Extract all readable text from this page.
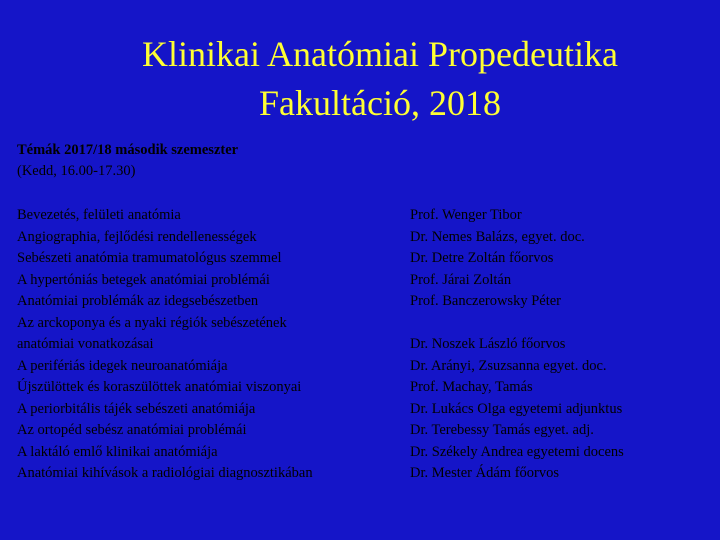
Klinikai Anatómiai Propedeutika
Fakultáció, 2018
Témák 2017/18 második szemeszter
(Kedd, 16.00-17.30)
Bevezetés, felületi anatómia
Angiographia, fejlődési rendellenességek
Sebészeti anatómia tramumatológus szemmel
A hypertóniás betegek anatómiai problémái
Anatómiai problémák az idegsebészetben
Az arckoponya és a nyaki régiók sebészetének
anatómiai vonatkozásai
A perifériás idegek neuroanatómiája
Újszülöttek és koraszülöttek anatómiai viszonyai
A periorbitális tájék sebészeti anatómiája
Az ortopéd sebész anatómiai problémái
A laktáló emlő klinikai anatómiája
Anatómiai kihívások a radiológiai diagnosztikában
Prof. Wenger Tibor
Dr. Nemes Balázs, egyet. doc.
Dr. Detre Zoltán főorvos
Prof. Járai Zoltán
Prof. Banczerowsky Péter
Dr. Noszek László főorvos
Dr. Arányi, Zsuzsanna egyet. doc.
Prof. Machay, Tamás
Dr. Lukács Olga egyetemi adjunktus
Dr. Terebessy Tamás egyet. adj.
Dr. Székely Andrea egyetemi docens
Dr. Mester Ádám főorvos
